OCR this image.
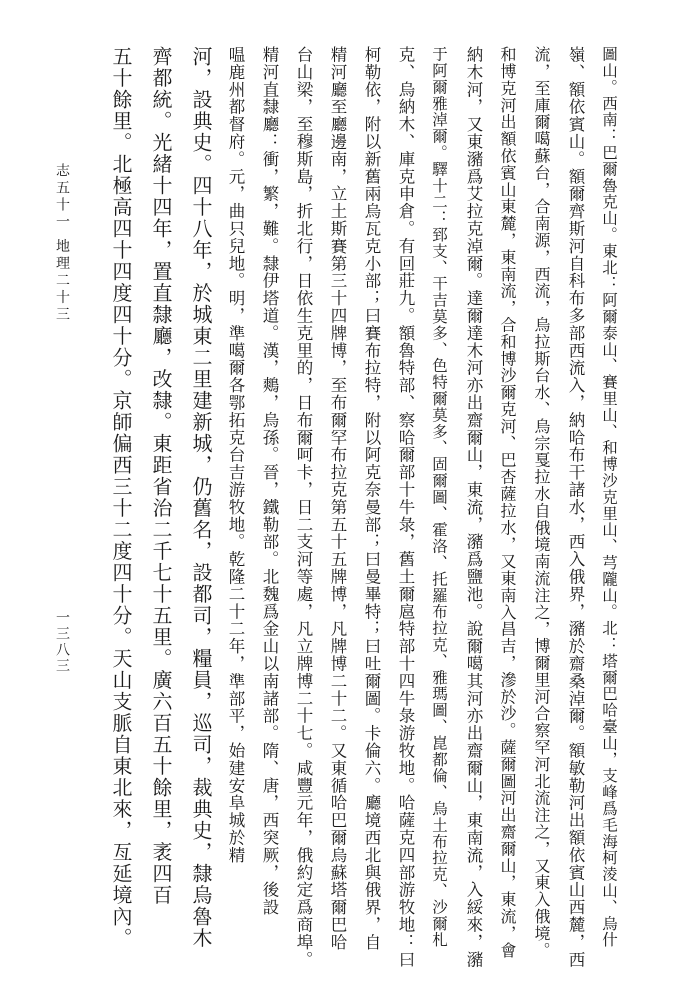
圖山。西南：巴爾魯克山。東北：阿爾泰山、賽里山、和博沙克里山、芎隴山。北：塔爾巴哈臺山，支峰爲毛海柯淩山、烏什
嶺、額依賓山。額爾齊斯河自科布多部西流入，納哈布干諸水，西入俄界，瀦於齋桑淖爾。額敏勒河出額依賓山西麓，西
流，至庫爾噶蘇台，合南源，西流，烏拉斯台水、烏宗戛拉水自俄境南流注之，博爾里河合察罕河北流注之，又東入俄境。
和博克河出額依賓山東麓，東南流，合和博沙爾克河、巴杏薩拉水，又東南入昌吉，滲於沙。薩爾圖河出齋爾山，東流，會
納木河，又東瀦爲艾拉克淖爾。達爾達木河亦出齋爾山，東流，瀦爲鹽池。說爾噶其河亦出齋爾山，東南流，入綏來，瀦
于阿爾雅淖爾。驛十二：郅支、干吉莫多、色特爾莫多、固爾圖、霍洛、托羅布拉克、雅瑪圖、崑都倫、烏土布拉克、沙爾札
克、烏納木、庫克申倉。有回莊九。額魯特部、察哈爾部十牛彔，舊土爾扈特部十四牛彔游牧地。哈薩克四部游牧地：曰
柯勒依，附以新舊兩烏瓦克小部；曰賽布拉特，附以阿克奈曼部；曰曼畢特；曰吐爾圖。卡倫六。廳境西北與俄界，自
精河廳至廳邊南，立土斯賽第三十四牌博，至布爾罕布拉克第五十五牌博，凡牌博二十二。又東循哈巴爾烏蘇塔爾巴哈
台山梁，至穆斯島，折北行，日依生克里的，日布爾呵卡，日二支河等處，凡立牌博二十七。咸豐元年，俄約定爲商埠。
精河直隸廳：衝，繁，難。隸伊塔道。漢，鷞，烏孫。晉，鐵勒部。北魏爲金山以南諸部。隋、唐，西突厥，後設
嗢鹿州都督府。元，曲只兒地。明，準噶爾各鄂拓克台吉游牧地。乾隆二十二年，準部平，始建安阜城於精
河，設典史。四十八年，於城東二里建新城，仍舊名，設都司，糧員，巡司，裁典史，隸烏魯木
齊都統。光緒十四年，置直隸廳，改隸。東距省治二千七十五里。廣六百五十餘里，袤四百
五十餘里。北極高四十四度四十分。京師偏西三十二度四十分。天山支脈自東北來，亙延境內。
志五十一 地理二十三
一三八三
